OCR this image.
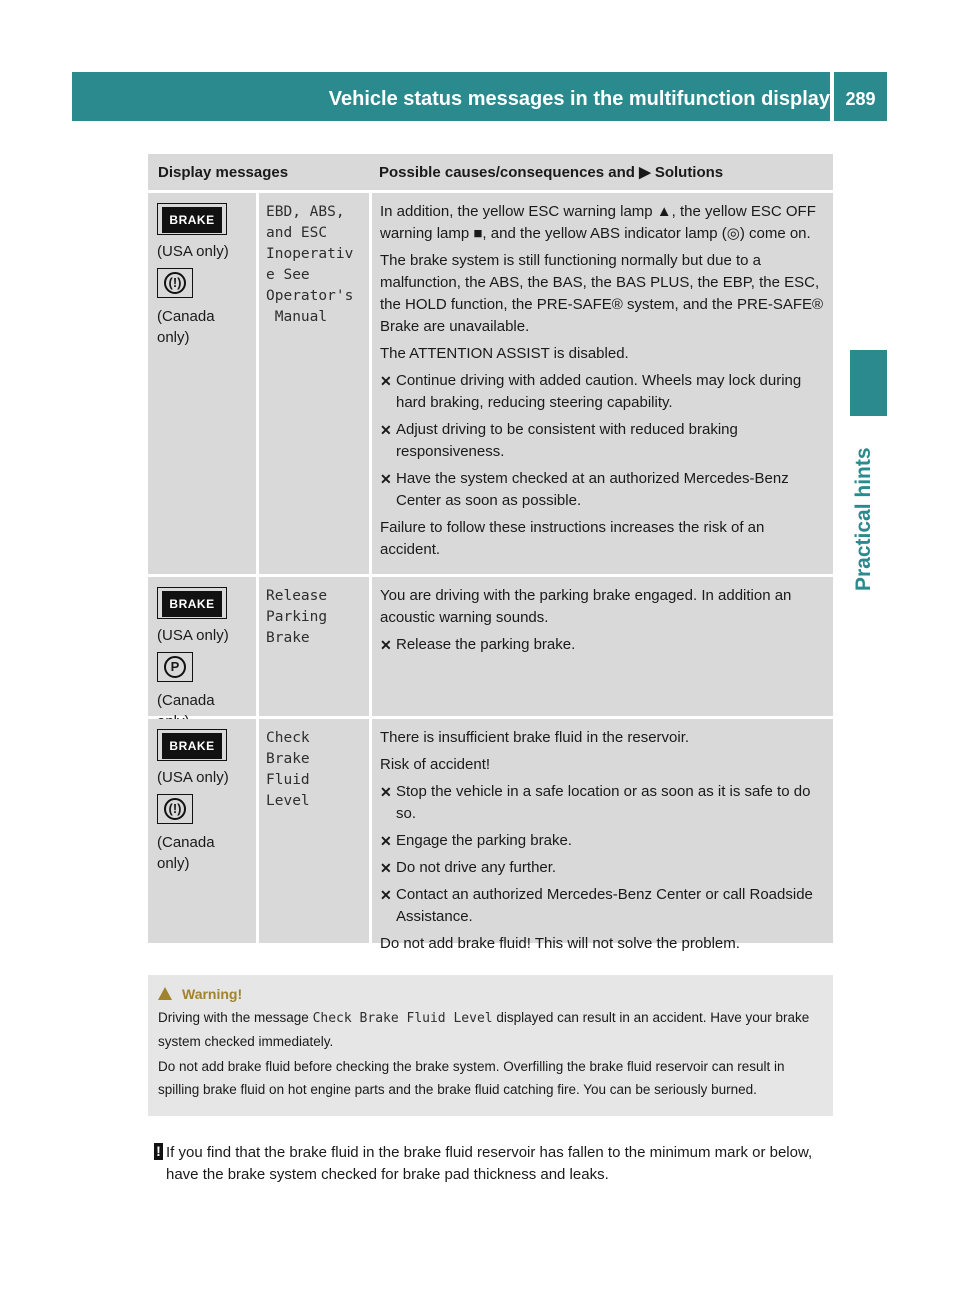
Vehicle status messages in the multifunction display 289
Practical hints
Display messages	Possible causes/consequences and ▶ Solutions
BRAKE
(USA only)
(!)
(Canada only)
EBD, ABS,
and ESC
Inoperativ
e See
Operator's
Manual

In addition, the yellow ESC warning lamp ▲, the yellow ESC OFF warning lamp ■, and the yellow ABS indicator lamp (◎) come on.

The brake system is still functioning normally but due to a malfunction, the ABS, the BAS, the BAS PLUS, the EBP, the ESC, the HOLD function, the PRE-SAFE® system, and the PRE-SAFE® Brake are unavailable.

The ATTENTION ASSIST is disabled.

✕ Continue driving with added caution. Wheels may lock during hard braking, reducing steering capability.
✕ Adjust driving to be consistent with reduced braking responsiveness.
✕ Have the system checked at an authorized Mercedes-Benz Center as soon as possible.

Failure to follow these instructions increases the risk of an accident.

BRAKE
(USA only)
P
(Canada
Release
Parking
Brake

You are driving with the parking brake engaged. In addition an acoustic warning sounds.

✕ Release the parking brake.
BRAKE
(USA only)
(!)
(Canada only)
Check
Brake
Fluid
Level

There is insufficient brake fluid in the reservoir.

Risk of accident!

✕ Stop the vehicle in a safe location or as soon as it is safe to do so.
✕ Engage the parking brake.
✕ Do not drive any further.
✕ Contact an authorized Mercedes-Benz Center or call Roadside Assistance.

Do not add brake fluid! This will not solve the problem.

Warning!

Driving with the message Check Brake Fluid Level displayed can result in an accident. Have your brake system checked immediately.

Do not add brake fluid before checking the brake system. Overfilling the brake fluid reservoir can result in spilling brake fluid on hot engine parts and the brake fluid catching fire. You can be seriously burned.

! If you find that the brake fluid in the brake fluid reservoir has fallen to the minimum mark or below, have the brake system checked for brake pad thickness and leaks.
